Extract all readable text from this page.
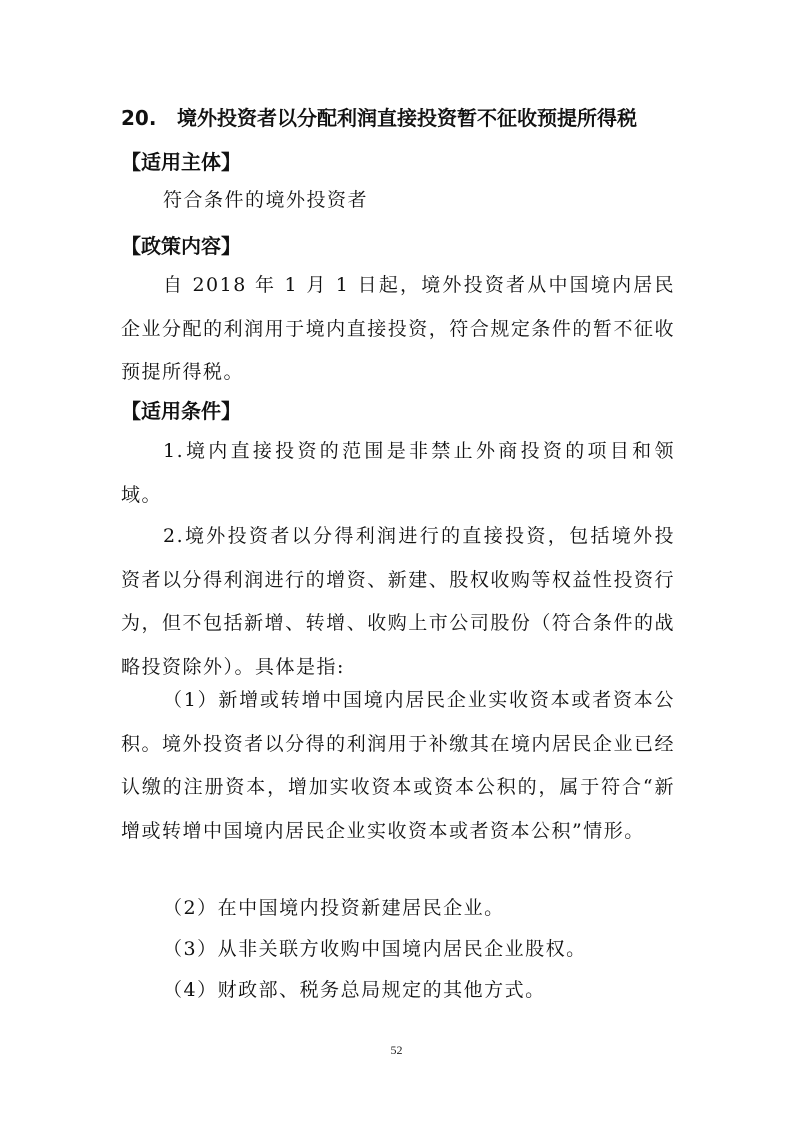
20. 境外投资者以分配利润直接投资暂不征收预提所得税
【适用主体】

符合条件的境外投资者

【政策内容】

自 2018 年 1 月 1 日起，境外投资者从中国境内居民企业分配的利润用于境内直接投资，符合规定条件的暂不征收预提所得税。

【适用条件】

1.境内直接投资的范围是非禁止外商投资的项目和领域。

2.境外投资者以分得利润进行的直接投资，包括境外投资者以分得利润进行的增资、新建、股权收购等权益性投资行为，但不包括新增、转增、收购上市公司股份（符合条件的战略投资除外）。具体是指:

（1）新增或转增中国境内居民企业实收资本或者资本公积。境外投资者以分得的利润用于补缴其在境内居民企业已经认缴的注册资本，增加实收资本或资本公积的，属于符合“新增或转增中国境内居民企业实收资本或者资本公积”情形。

（2）在中国境内投资新建居民企业。

（3）从非关联方收购中国境内居民企业股权。

（4）财政部、税务总局规定的其他方式。

52
